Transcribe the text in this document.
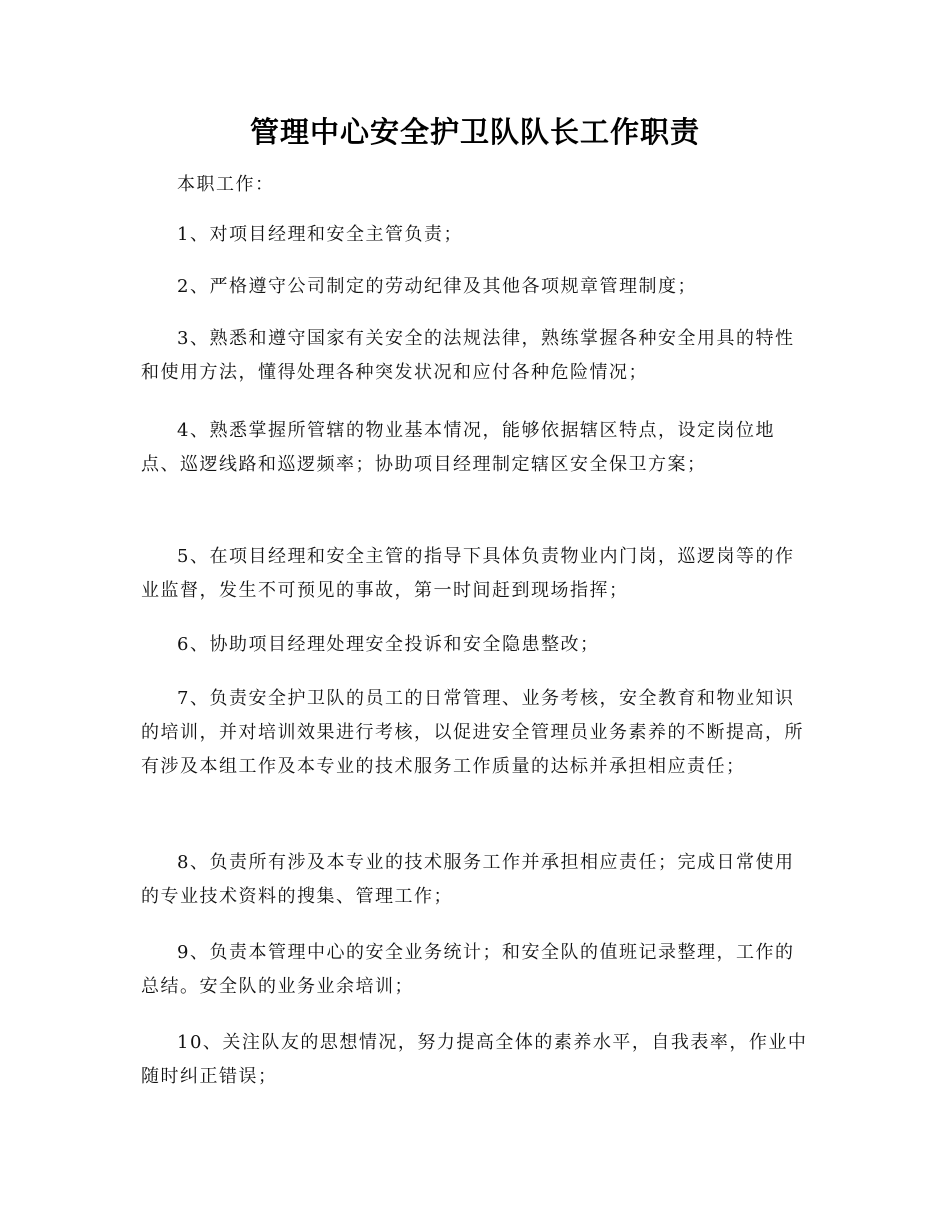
管理中心安全护卫队队长工作职责

本职工作：

1、对项目经理和安全主管负责；

2、严格遵守公司制定的劳动纪律及其他各项规章管理制度；

3、熟悉和遵守国家有关安全的法规法律，熟练掌握各种安全用具的特性和使用方法，懂得处理各种突发状况和应付各种危险情况；

4、熟悉掌握所管辖的物业基本情况，能够依据辖区特点，设定岗位地点、巡逻线路和巡逻频率；协助项目经理制定辖区安全保卫方案；

5、在项目经理和安全主管的指导下具体负责物业内门岗，巡逻岗等的作业监督，发生不可预见的事故，第一时间赶到现场指挥；

6、协助项目经理处理安全投诉和安全隐患整改；

7、负责安全护卫队的员工的日常管理、业务考核，安全教育和物业知识的培训，并对培训效果进行考核，以促进安全管理员业务素养的不断提高，所有涉及本组工作及本专业的技术服务工作质量的达标并承担相应责任；

8、负责所有涉及本专业的技术服务工作并承担相应责任；完成日常使用的专业技术资料的搜集、管理工作；

9、负责本管理中心的安全业务统计；和安全队的值班记录整理，工作的总结。安全队的业务业余培训；

10、关注队友的思想情况，努力提高全体的素养水平，自我表率，作业中随时纠正错误；
